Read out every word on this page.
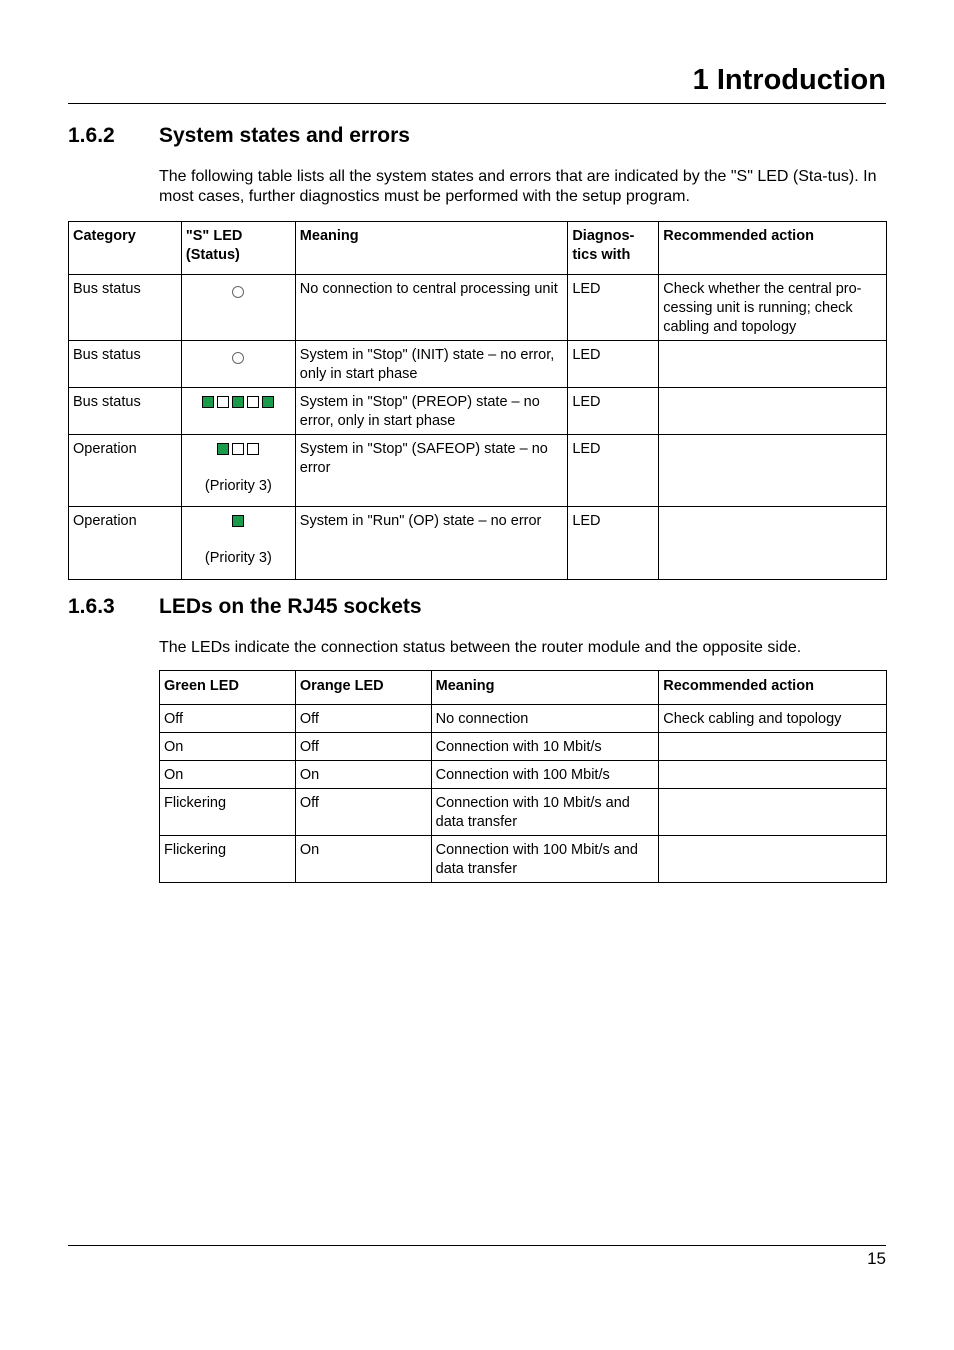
1 Introduction
1.6.2 System states and errors

The following table lists all the system states and errors that are indicated by the "S" LED (Sta-tus). In most cases, further diagnostics must be performed with the setup program.

Category	"S" LED (Status)	Meaning	Diagnos-tics with	Recommended action
Bus status		No connection to central processing unit	LED	Check whether the central pro-cessing unit is running; check cabling and topology
Bus status		System in "Stop" (INIT) state – no error, only in start phase	LED	
Bus status		System in "Stop" (PREOP) state – no error, only in start phase	LED	
Operation	(Priority 3)	System in "Stop" (SAFEOP) state – no error	LED	
Operation	(Priority 3)	System in "Run" (OP) state – no error	LED	
1.6.3 LEDs on the RJ45 sockets

The LEDs indicate the connection status between the router module and the opposite side.

Green LED	Orange LED	Meaning	Recommended action
Off	Off	No connection	Check cabling and topology
On	Off	Connection with 10 Mbit/s	
On	On	Connection with 100 Mbit/s	
Flickering	Off	Connection with 10 Mbit/s and data transfer	
Flickering	On	Connection with 100 Mbit/s and data transfer	
15
